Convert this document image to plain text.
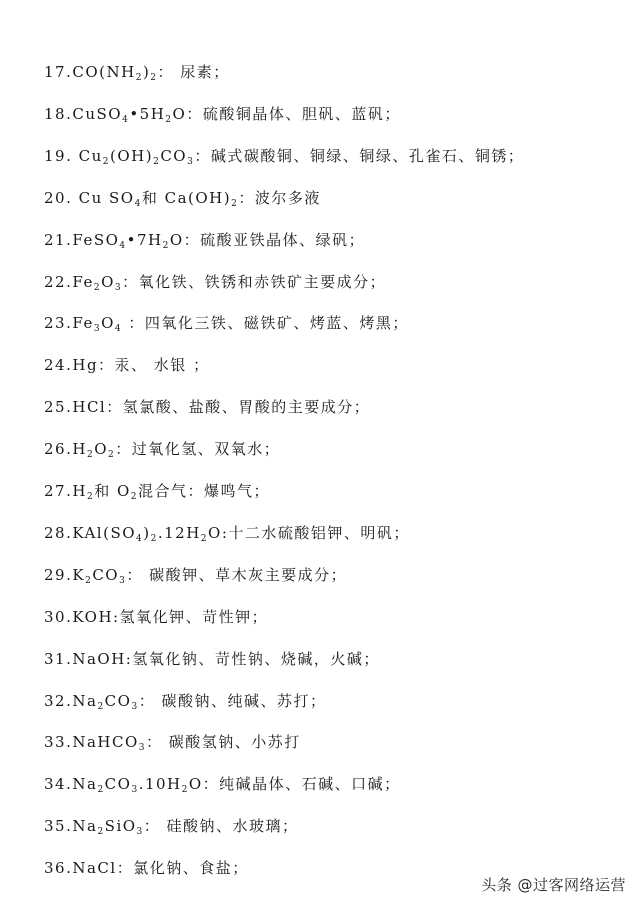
$17.CO(NH_2)_2$： 尿素；
$18.CuSO_4•5H_2O$：硫酸铜晶体、胆矾、蓝矾；
19. $Cu_2(OH)_2CO_3$：碱式碳酸铜、铜绿、铜绿、孔雀石、铜锈；
20. Cu $SO_4$和 $Ca(OH)_2$：波尔多液
$21.FeSO_4•7H_2O$：硫酸亚铁晶体、绿矾；
$22.Fe_2O_3$：氧化铁、铁锈和赤铁矿主要成分；
$23.Fe_3O_4$ ：四氧化三铁、磁铁矿、烤蓝、烤黑；
24.Hg：汞、 水银 ；
25.HCl：氢氯酸、盐酸、胃酸的主要成分；
$26.H_2O_2$：过氧化氢、双氧水；
$27.H_2$和 $O_2$混合气：爆鸣气；
$28.KAl(SO_4)_2.12H_2O$:十二水硫酸铝钾、明矾；
$29.K_2CO_3$： 碳酸钾、草木灰主要成分；
30.KOH:氢氧化钾、苛性钾；
31.NaOH:氢氧化钠、苛性钠、烧碱，火碱；
$32.Na_2CO_3$： 碳酸钠、纯碱、苏打；
33.NaHCO$_3$： 碳酸氢钠、小苏打
$34.Na_2CO_3.10H_2O$：纯碱晶体、石碱、口碱；
$35.Na_2SiO_3$： 硅酸钠、水玻璃；
36.NaCl：氯化钠、食盐；
头条 @过客网络运营
